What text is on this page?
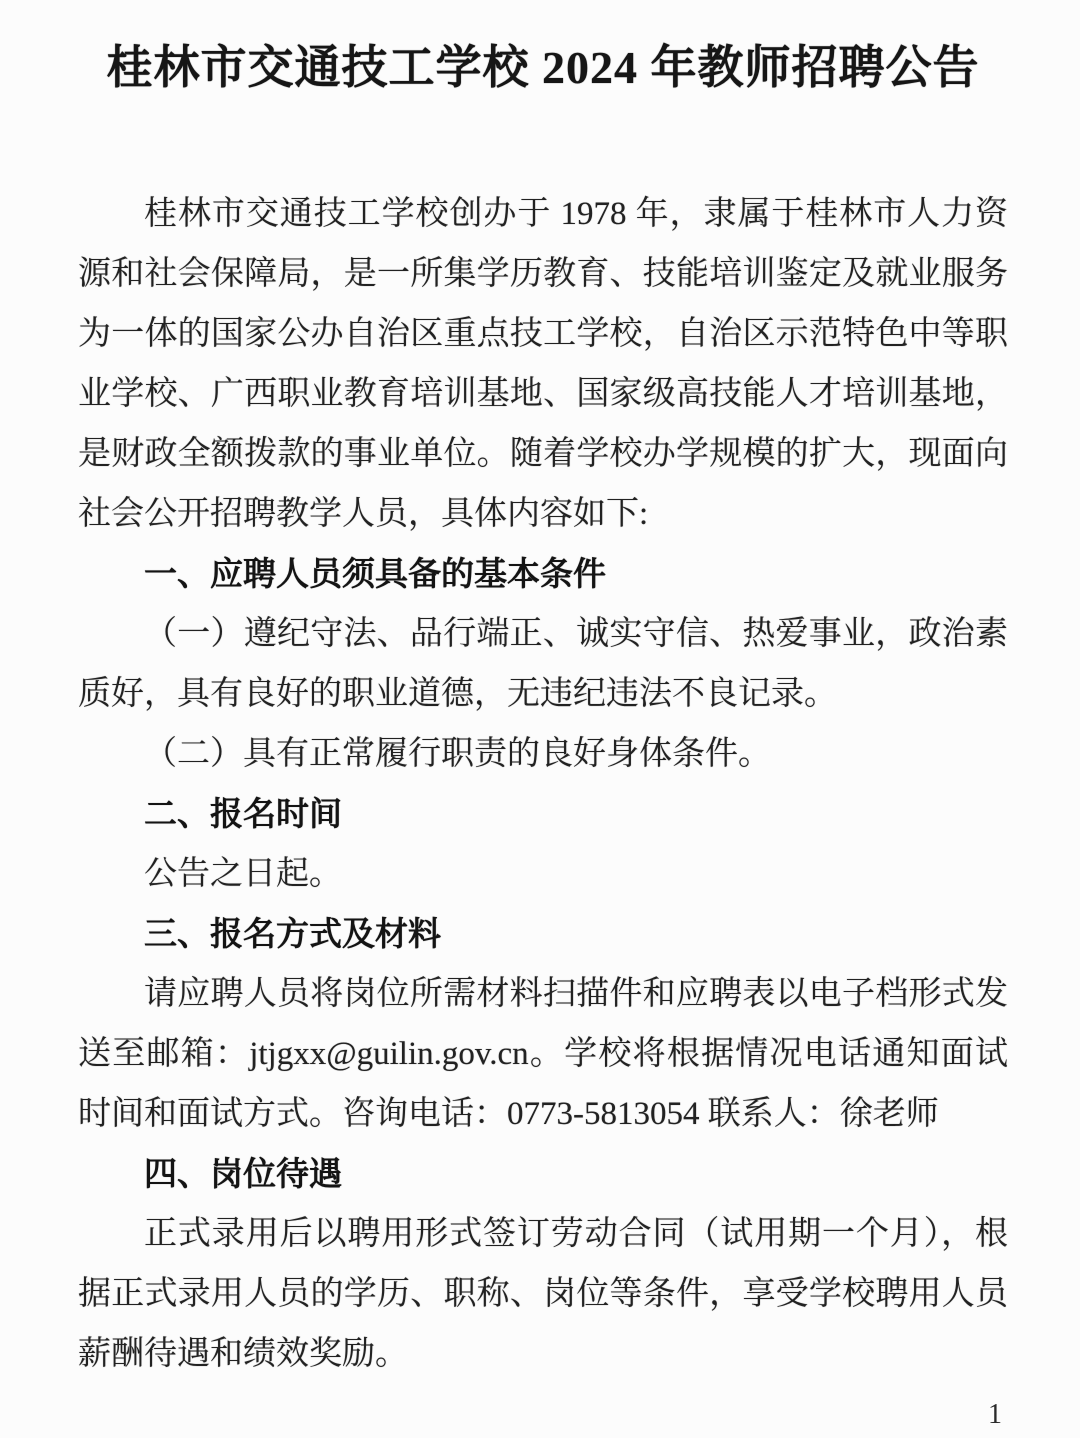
桂林市交通技工学校 2024 年教师招聘公告

桂林市交通技工学校创办于 1978 年，隶属于桂林市人力资源和社会保障局，是一所集学历教育、技能培训鉴定及就业服务为一体的国家公办自治区重点技工学校，自治区示范特色中等职业学校、广西职业教育培训基地、国家级高技能人才培训基地，是财政全额拨款的事业单位。随着学校办学规模的扩大，现面向社会公开招聘教学人员，具体内容如下:

一、应聘人员须具备的基本条件

（一）遵纪守法、品行端正、诚实守信、热爱事业，政治素质好，具有良好的职业道德，无违纪违法不良记录。

（二）具有正常履行职责的良好身体条件。

二、报名时间

公告之日起。

三、报名方式及材料

请应聘人员将岗位所需材料扫描件和应聘表以电子档形式发送至邮箱：jtjgxx@guilin.gov.cn。学校将根据情况电话通知面试时间和面试方式。咨询电话：0773-5813054 联系人：徐老师

四、岗位待遇

正式录用后以聘用形式签订劳动合同（试用期一个月），根据正式录用人员的学历、职称、岗位等条件，享受学校聘用人员薪酬待遇和绩效奖励。

1
